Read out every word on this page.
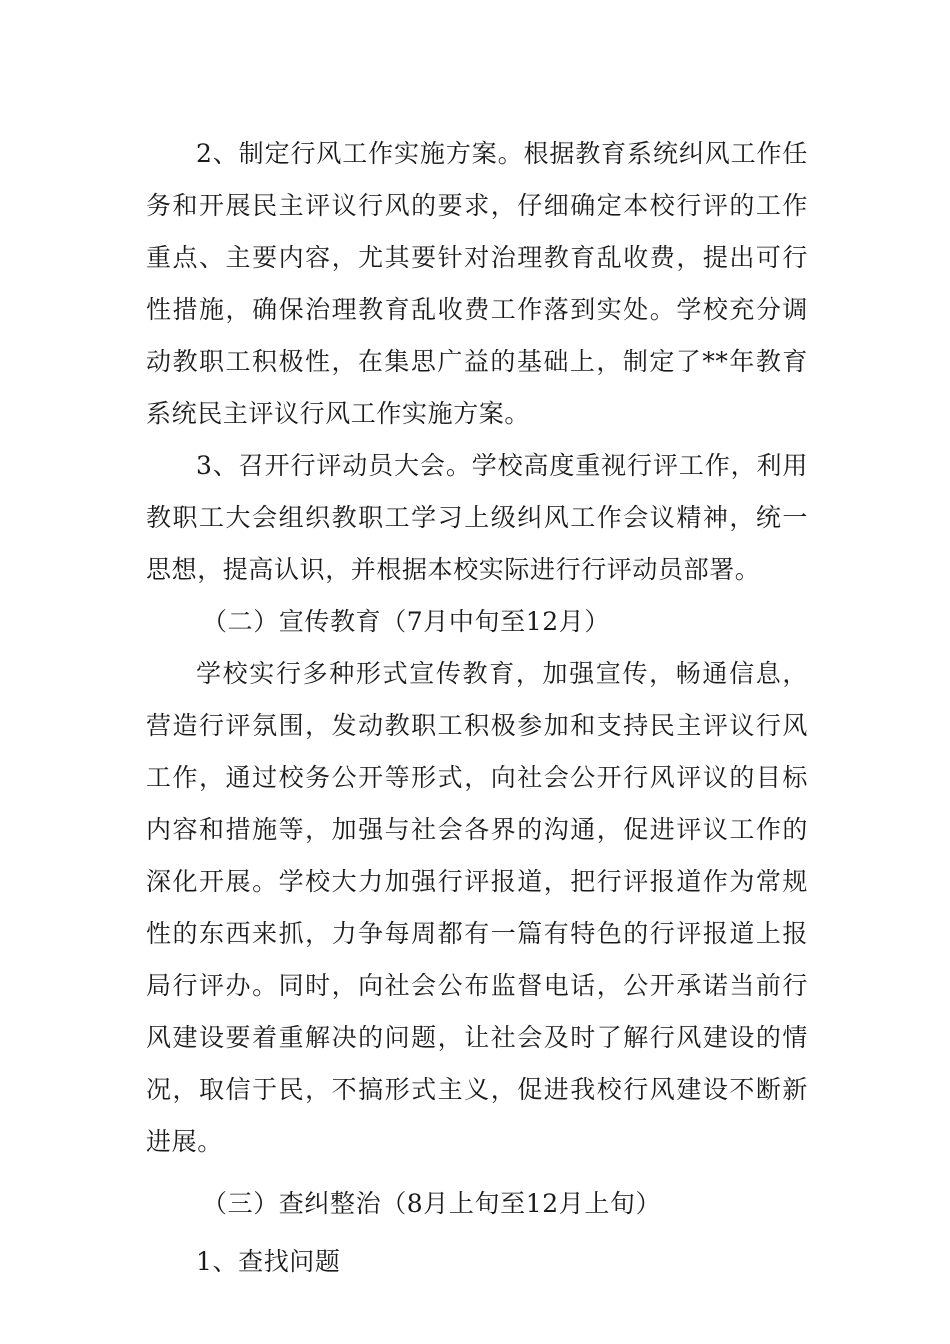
2、制定行风工作实施方案。根据教育系统纠风工作任务和开展民主评议行风的要求，仔细确定本校行评的工作重点、主要内容，尤其要针对治理教育乱收费，提出可行性措施，确保治理教育乱收费工作落到实处。学校充分调动教职工积极性，在集思广益的基础上，制定了**年教育系统民主评议行风工作实施方案。

3、召开行评动员大会。学校高度重视行评工作，利用教职工大会组织教职工学习上级纠风工作会议精神，统一思想，提高认识，并根据本校实际进行行评动员部署。

（二）宣传教育（7月中旬至12月）

学校实行多种形式宣传教育，加强宣传，畅通信息，营造行评氛围，发动教职工积极参加和支持民主评议行风工作，通过校务公开等形式，向社会公开行风评议的目标内容和措施等，加强与社会各界的沟通，促进评议工作的深化开展。学校大力加强行评报道，把行评报道作为常规性的东西来抓，力争每周都有一篇有特色的行评报道上报局行评办。同时，向社会公布监督电话，公开承诺当前行风建设要着重解决的问题，让社会及时了解行风建设的情况，取信于民，不搞形式主义，促进我校行风建设不断新进展。

（三）查纠整治（8月上旬至12月上旬）

1、查找问题
